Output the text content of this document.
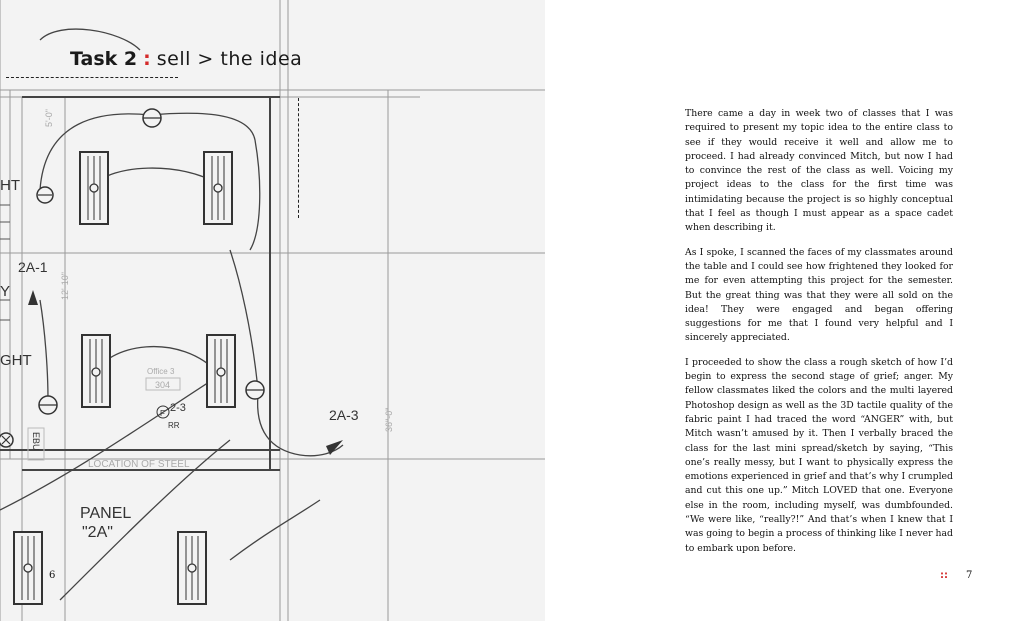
HT
2A-1
Y
GHT
Office 3
304
2-3
F
RR
2A-3
LOCATION OF STEEL
PANEL
"2A"
EBU
5'-0"
12'-10"
36"-0"
Task 2 : sell > the idea

There came a day in week two of classes that I was required to present my topic idea to the entire class to see if they would receive it well and allow me to proceed. I had already convinced Mitch, but now I had to convince the rest of the class as well. Voicing my project ideas to the class for the first time was intimidating because the project is so highly conceptual that I feel as though I must appear as a space cadet when describing it.

As I spoke, I scanned the faces of my classmates around the table and I could see how frightened they looked for me for even attempting this project for the semester. But the great thing was that they were all sold on the idea! They were engaged and began offering suggestions for me that I found very helpful and I sincerely appreciated.

I proceeded to show the class a rough sketch of how I’d begin to express the second stage of grief; anger. My fellow classmates liked the colors and the multi layered Photoshop design as well as the 3D tactile quality of the fabric paint I had traced the word “ANGER” with, but Mitch wasn’t amused by it. Then I verbally braced the class for the last mini spread/sketch by saying, “This one’s really messy, but I want to physically express the emotions experienced in grief and that’s why I crumpled and cut this one up.” Mitch LOVED that one. Everyone else in the room, including myself, was dumbfounded. “We were like, “really?!” And that’s when I knew that I was going to begin a process of thinking like I never had to embark upon before.

6	:: 7
